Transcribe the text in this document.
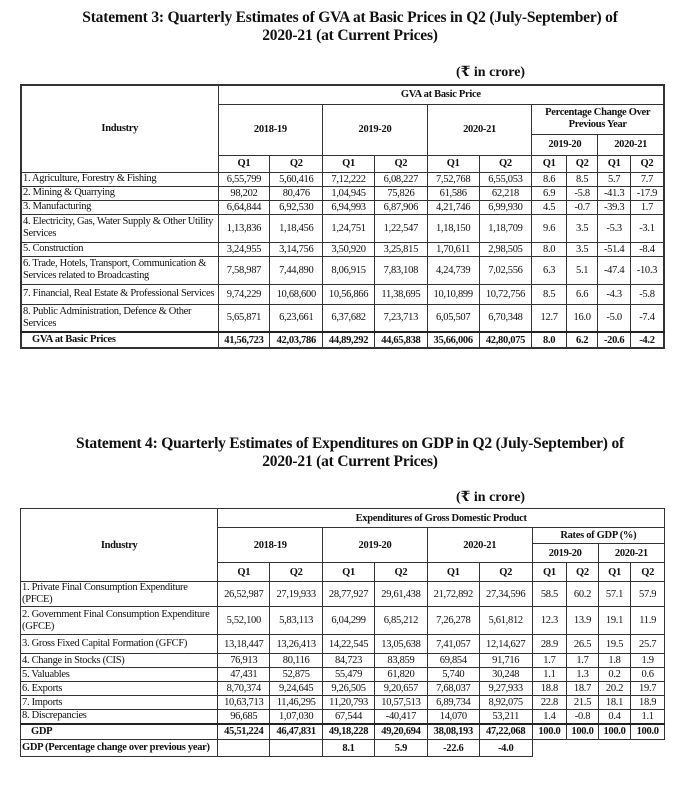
Statement 3: Quarterly Estimates of GVA at Basic Prices in Q2 (July-September) of
2020-21 (at Current Prices)
(₹ in crore)
Industry	GVA at Basic Price									
	2018-19		2019-20		2020-21		Percentage Change Over Previous Year			
							2019-20		2020-21	
	Q1	Q2	Q1	Q2	Q1	Q2	Q1	Q2	Q1	Q2
1. Agriculture, Forestry & Fishing	6,55,799	5,60,416	7,12,222	6,08,227	7,52,768	6,55,053	8.6	8.5	5.7	7.7
2. Mining & Quarrying	98,202	80,476	1,04,945	75,826	61,586	62,218	6.9	-5.8	-41.3	-17.9
3. Manufacturing	6,64,844	6,92,530	6,94,993	6,87,906	4,21,746	6,99,930	4.5	-0.7	-39.3	1.7
4. Electricity, Gas, Water Supply & Other Utility Services	1,13,836	1,18,456	1,24,751	1,22,547	1,18,150	1,18,709	9.6	3.5	-5.3	-3.1
5. Construction	3,24,955	3,14,756	3,50,920	3,25,815	1,70,611	2,98,505	8.0	3.5	-51.4	-8.4
6. Trade, Hotels, Transport, Communication & Services related to Broadcasting	7,58,987	7,44,890	8,06,915	7,83,108	4,24,739	7,02,556	6.3	5.1	-47.4	-10.3
7. Financial, Real Estate & Professional Services	9,74,229	10,68,600	10,56,866	11,38,695	10,10,899	10,72,756	8.5	6.6	-4.3	-5.8
8. Public Administration, Defence & Other Services	5,65,871	6,23,661	6,37,682	7,23,713	6,05,507	6,70,348	12.7	16.0	-5.0	-7.4
GVA at Basic Prices	41,56,723	42,03,786	44,89,292	44,65,838	35,66,006	42,80,075	8.0	6.2	-20.6	-4.2
Statement 4: Quarterly Estimates of Expenditures on GDP in Q2 (July-September) of
2020-21 (at Current Prices)
(₹ in crore)
Industry	Expenditures of Gross Domestic Product									
	2018-19		2019-20		2020-21		Rates of GDP (%)			
							2019-20		2020-21	
	Q1	Q2	Q1	Q2	Q1	Q2	Q1	Q2	Q1	Q2
1. Private Final Consumption Expenditure (PFCE)	26,52,987	27,19,933	28,77,927	29,61,438	21,72,892	27,34,596	58.5	60.2	57.1	57.9
2. Government Final Consumption Expenditure (GFCE)	5,52,100	5,83,113	6,04,299	6,85,212	7,26,278	5,61,812	12.3	13.9	19.1	11.9
3. Gross Fixed Capital Formation (GFCF)	13,18,447	13,26,413	14,22,545	13,05,638	7,41,057	12,14,627	28.9	26.5	19.5	25.7
4. Change in Stocks (CIS)	76,913	80,116	84,723	83,859	69,854	91,716	1.7	1.7	1.8	1.9
5. Valuables	47,431	52,875	55,479	61,820	5,740	30,248	1.1	1.3	0.2	0.6
6. Exports	8,70,374	9,24,645	9,26,505	9,20,657	7,68,037	9,27,933	18.8	18.7	20.2	19.7
7. Imports	10,63,713	11,46,295	11,20,793	10,57,513	6,89,734	8,92,075	22.8	21.5	18.1	18.9
8. Discrepancies	96,685	1,07,030	67,544	-40,417	14,070	53,211	1.4	-0.8	0.4	1.1
GDP	45,51,224	46,47,831	49,18,228	49,20,694	38,08,193	47,22,068	100.0	100.0	100.0	100.0
GDP (Percentage change over previous year)			8.1	5.9	-22.6	-4.0				
